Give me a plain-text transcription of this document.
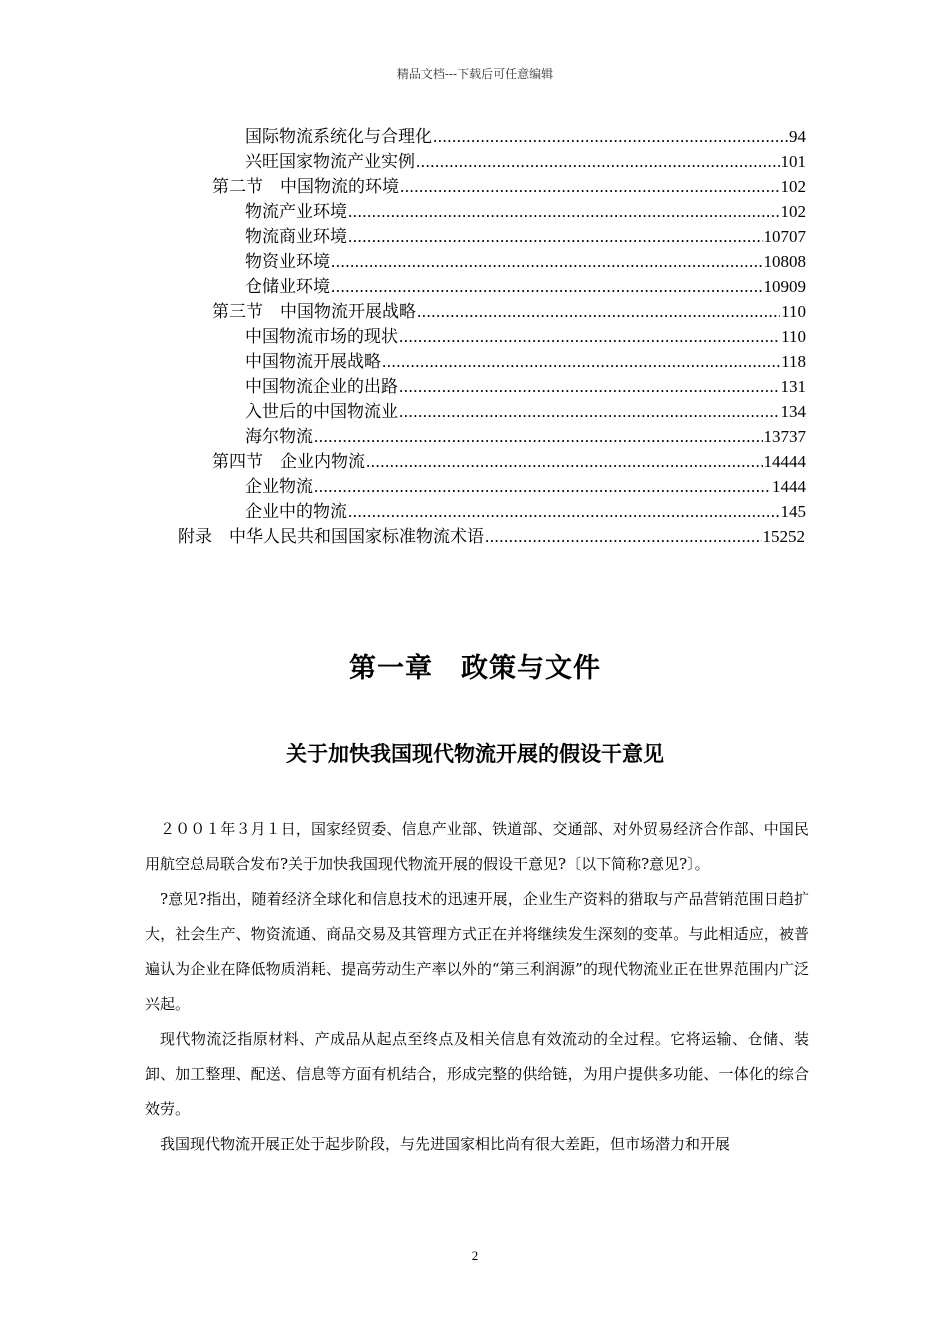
精品文档---下载后可任意编辑
国际物流系统化与合理化 .....	94
兴旺国家物流产业实例 .....	101
第二节　中国物流的环境 .....	102
物流产业环境 .....	102
物流商业环境 .....	10707
物资业环境 .....	10808
仓储业环境 .....	10909
第三节　中国物流开展战略 .....	110
中国物流市场的现状 .....	110
中国物流开展战略 .....	118
中国物流企业的出路 .....	131
入世后的中国物流业 .....	134
海尔物流 .....	13737
第四节　企业内物流 .....	14444
企业物流 .....	1444
企业中的物流 .....	145
附录　中华人民共和国国家标准物流术语 .....	15252
第一章　政策与文件
关于加快我国现代物流开展的假设干意见

２００１年３月１日，国家经贸委、信息产业部、铁道部、交通部、对外贸易经济合作部、中国民用航空总局联合发布?关于加快我国现代物流开展的假设干意见?〔以下简称?意见?〕。

?意见?指出，随着经济全球化和信息技术的迅速开展，企业生产资料的猎取与产品营销范围日趋扩大，社会生产、物资流通、商品交易及其管理方式正在并将继续发生深刻的变革。与此相适应，被普遍认为企业在降低物质消耗、提高劳动生产率以外的“第三利润源”的现代物流业正在世界范围内广泛兴起。

现代物流泛指原材料、产成品从起点至终点及相关信息有效流动的全过程。它将运输、仓储、装卸、加工整理、配送、信息等方面有机结合，形成完整的供给链，为用户提供多功能、一体化的综合效劳。

我国现代物流开展正处于起步阶段，与先进国家相比尚有很大差距，但市场潜力和开展

2
